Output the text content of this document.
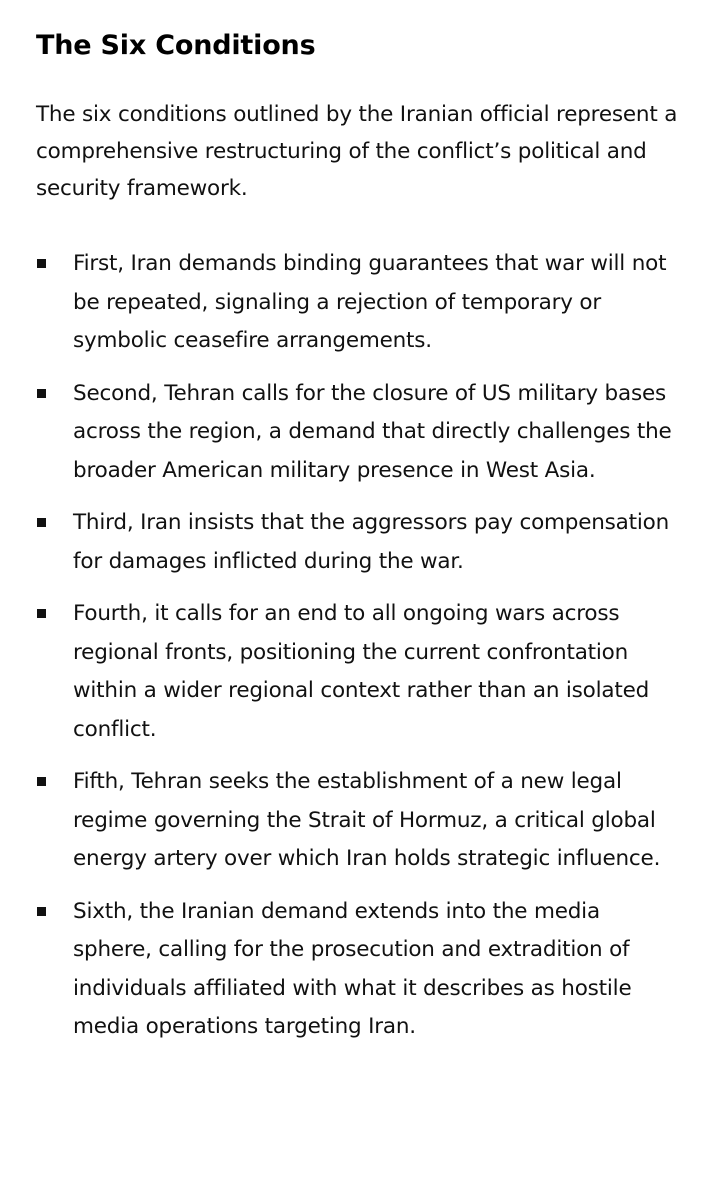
The Six Conditions

The six conditions outlined by the Iranian official represent a comprehensive restructuring of the conflict’s political and security framework.

First, Iran demands binding guarantees that war will not be repeated, signaling a rejection of temporary or symbolic ceasefire arrangements.
Second, Tehran calls for the closure of US military bases across the region, a demand that directly challenges the broader American military presence in West Asia.
Third, Iran insists that the aggressors pay compensation for damages inflicted during the war.
Fourth, it calls for an end to all ongoing wars across regional fronts, positioning the current confrontation within a wider regional context rather than an isolated conflict.
Fifth, Tehran seeks the establishment of a new legal regime governing the Strait of Hormuz, a critical global energy artery over which Iran holds strategic influence.
Sixth, the Iranian demand extends into the media sphere, calling for the prosecution and extradition of individuals affiliated with what it describes as hostile media operations targeting Iran.
